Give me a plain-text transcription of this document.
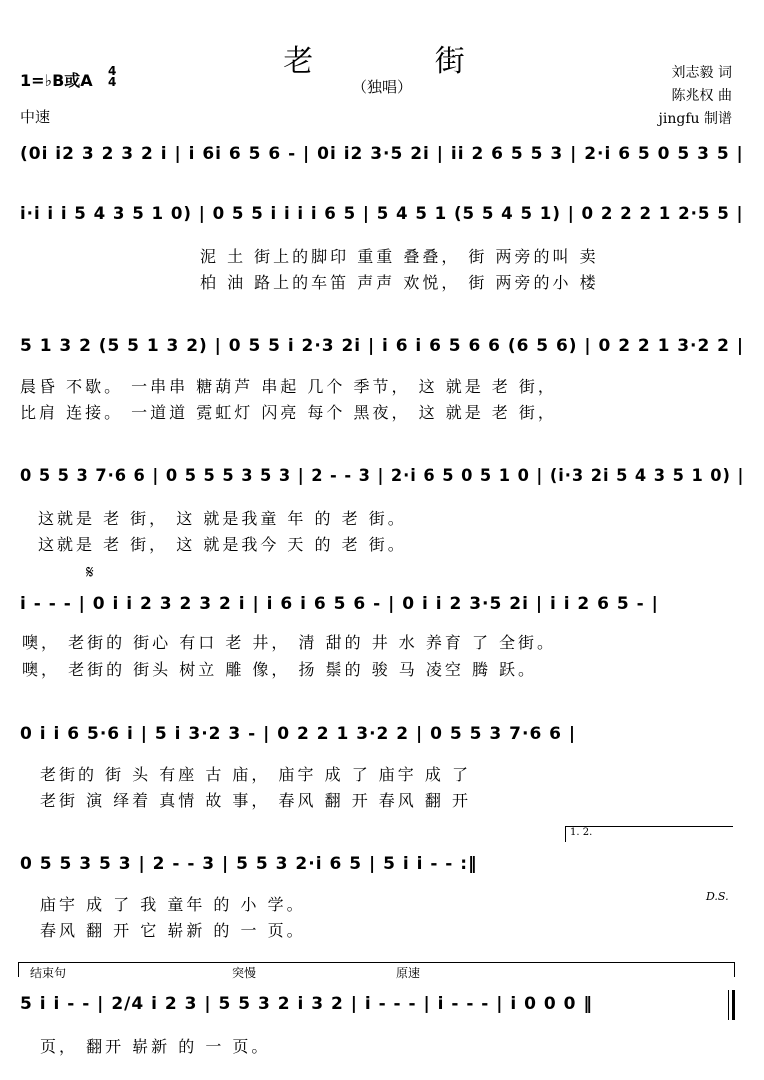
老 街
（独唱）
刘志毅 词
陈兆权 曲
jingfu 制谱
1=♭B或A 4
4
中速
(0i i2 3 2 3 2 i | i 6i 6 5 6 - | 0i i2 3·5 2i | ii 2 6 5 5 3 | 2·i 6 5 0 5 3 5 |
i·i i i 5 4 3 5 1 0) | 0 5 5 i i i i 6 5 | 5 4 5 1 (5 5 4 5 1) | 0 2 2 2 1 2·5 5 |
泥 土 街上的脚印 重重 叠叠， 街 两旁的叫 卖
柏 油 路上的车笛 声声 欢悦， 街 两旁的小 楼
5 1 3 2 (5 5 1 3 2) | 0 5 5 i 2·3 2i | i 6 i 6 5 6 6 (6 5 6) | 0 2 2 1 3·2 2 |
晨昏 不歇。 一串串 糖葫芦 串起 几个 季节， 这 就是 老 街，
比肩 连接。 一道道 霓虹灯 闪亮 每个 黑夜， 这 就是 老 街，
0 5 5 3 7·6 6 | 0 5 5 5 3 5 3 | 2 - - 3 | 2·i 6 5 0 5 1 0 | (i·3 2i 5 4 3 5 1 0) |
这就是 老 街， 这 就是我童 年 的 老 街。
这就是 老 街， 这 就是我今 天 的 老 街。
𝄋
i - - - | 0 i i 2 3 2 3 2 i | i 6 i 6 5 6 - | 0 i i 2 3·5 2i | i i 2 6 5 - |
噢， 老街的 街心 有口 老 井， 清 甜的 井 水 养育 了 全街。
噢， 老街的 街头 树立 雕 像， 扬 鬃的 骏 马 凌空 腾 跃。
0 i i 6 5·6 i | 5 i 3·2 3 - | 0 2 2 1 3·2 2 | 0 5 5 3 7·6 6 |
老街的 街 头 有座 古 庙， 庙宇 成 了 庙宇 成 了
老街 演 绎着 真情 故 事， 春风 翻 开 春风 翻 开
1. 2.
0 5 5 3 5 3 | 2 - - 3 | 5 5 3 2·i 6 5 | 5 i i - - :‖
D.S.
庙宇 成 了 我 童年 的 小 学。
春风 翻 开 它 崭新 的 一 页。
结束句	突慢	原速
5 i i - - | 2/4 i 2 3 | 5 5 3 2 i 3 2 | i - - - | i - - - | i 0 0 0 ‖
页， 翻开 崭新 的 一 页。
